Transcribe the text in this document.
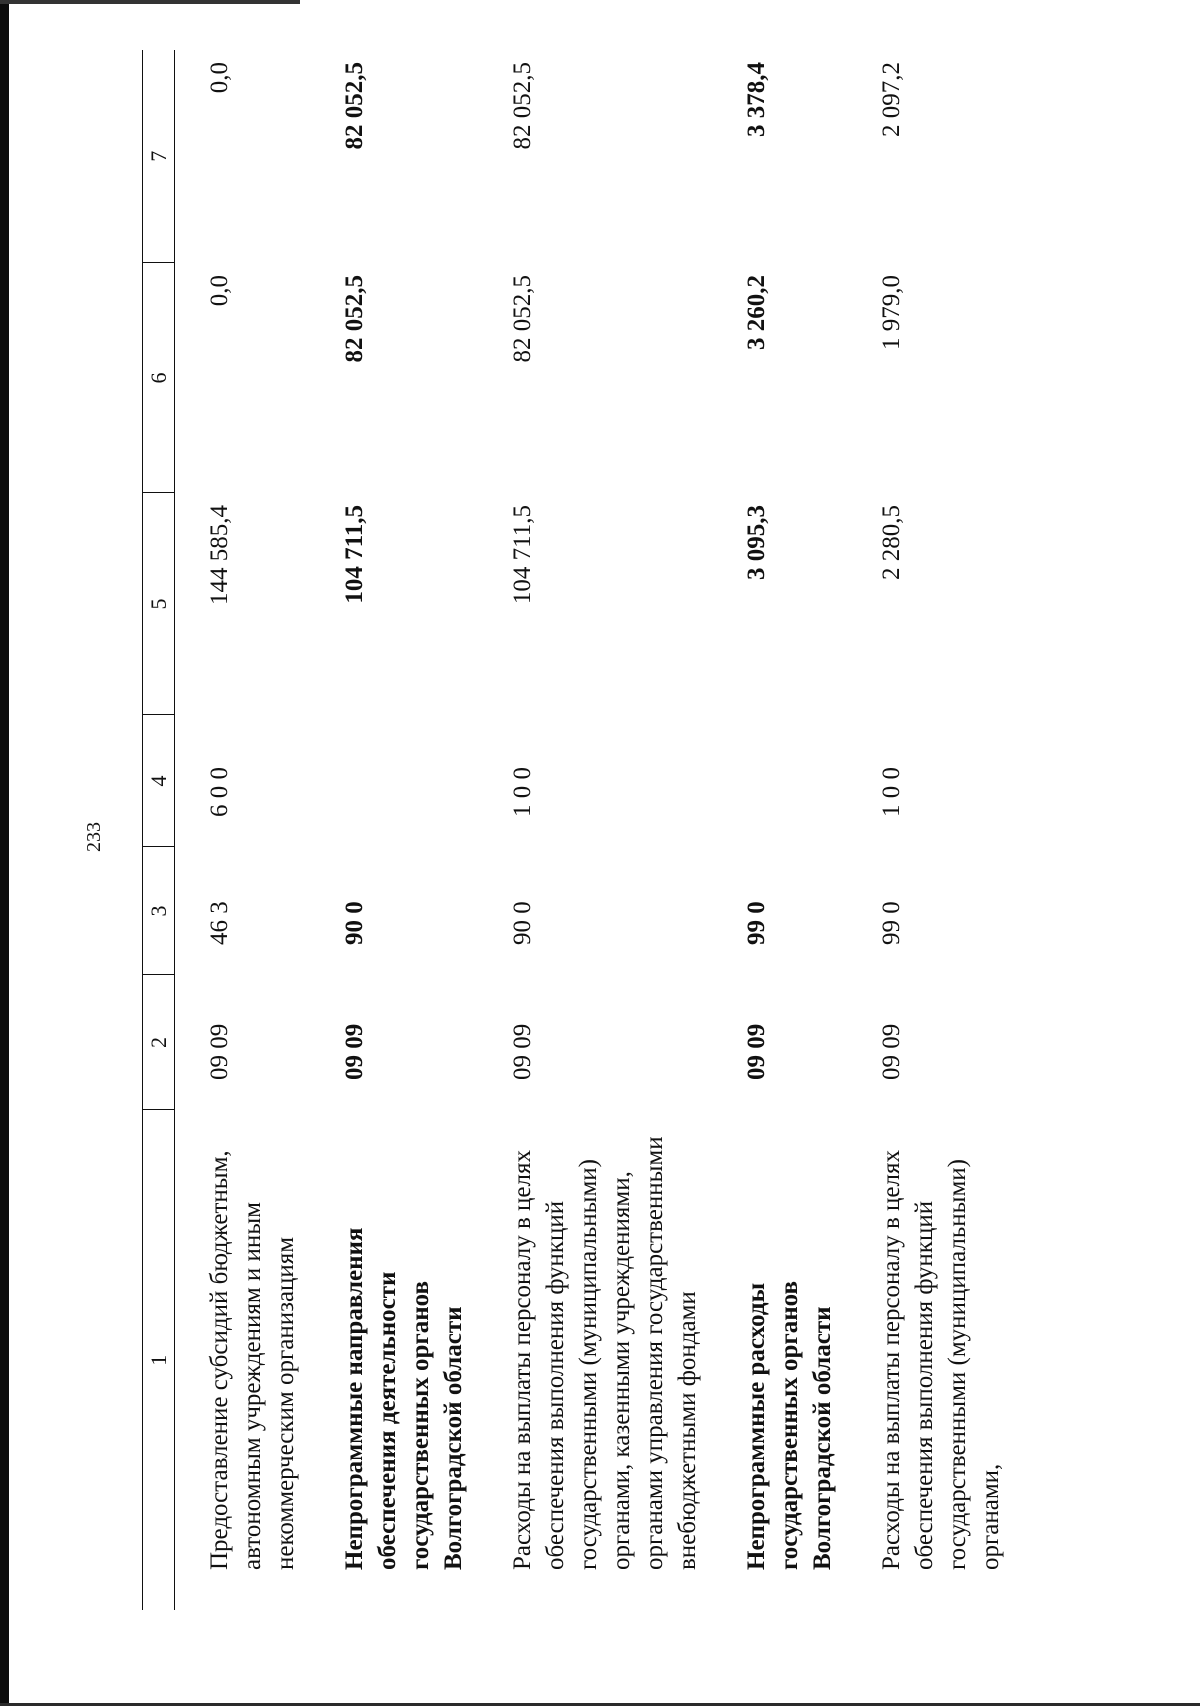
233
1	2	3	4	5	6	7
Предоставление субсидий бюджетным, автономным учреждениям и иным некоммерческим организациям	09 09	46 3	6 0 0	144 585,4	0,0	0,0
Непрограммные направления обеспечения деятельности государственных органов Волгоградской области	09 09	90 0		104 711,5	82 052,5	82 052,5
Расходы на выплаты персоналу в целях обеспечения выполнения функций государственными (муниципальными) органами, казенными учреждениями, органами управления государственными внебюджетными фондами	09 09	90 0	1 0 0	104 711,5	82 052,5	82 052,5
Непрограммные расходы государственных органов Волгоградской области	09 09	99 0		3 095,3	3 260,2	3 378,4
Расходы на выплаты персоналу в целях обеспечения выполнения функций государственными (муниципальными) органами,	09 09	99 0	1 0 0	2 280,5	1 979,0	2 097,2
